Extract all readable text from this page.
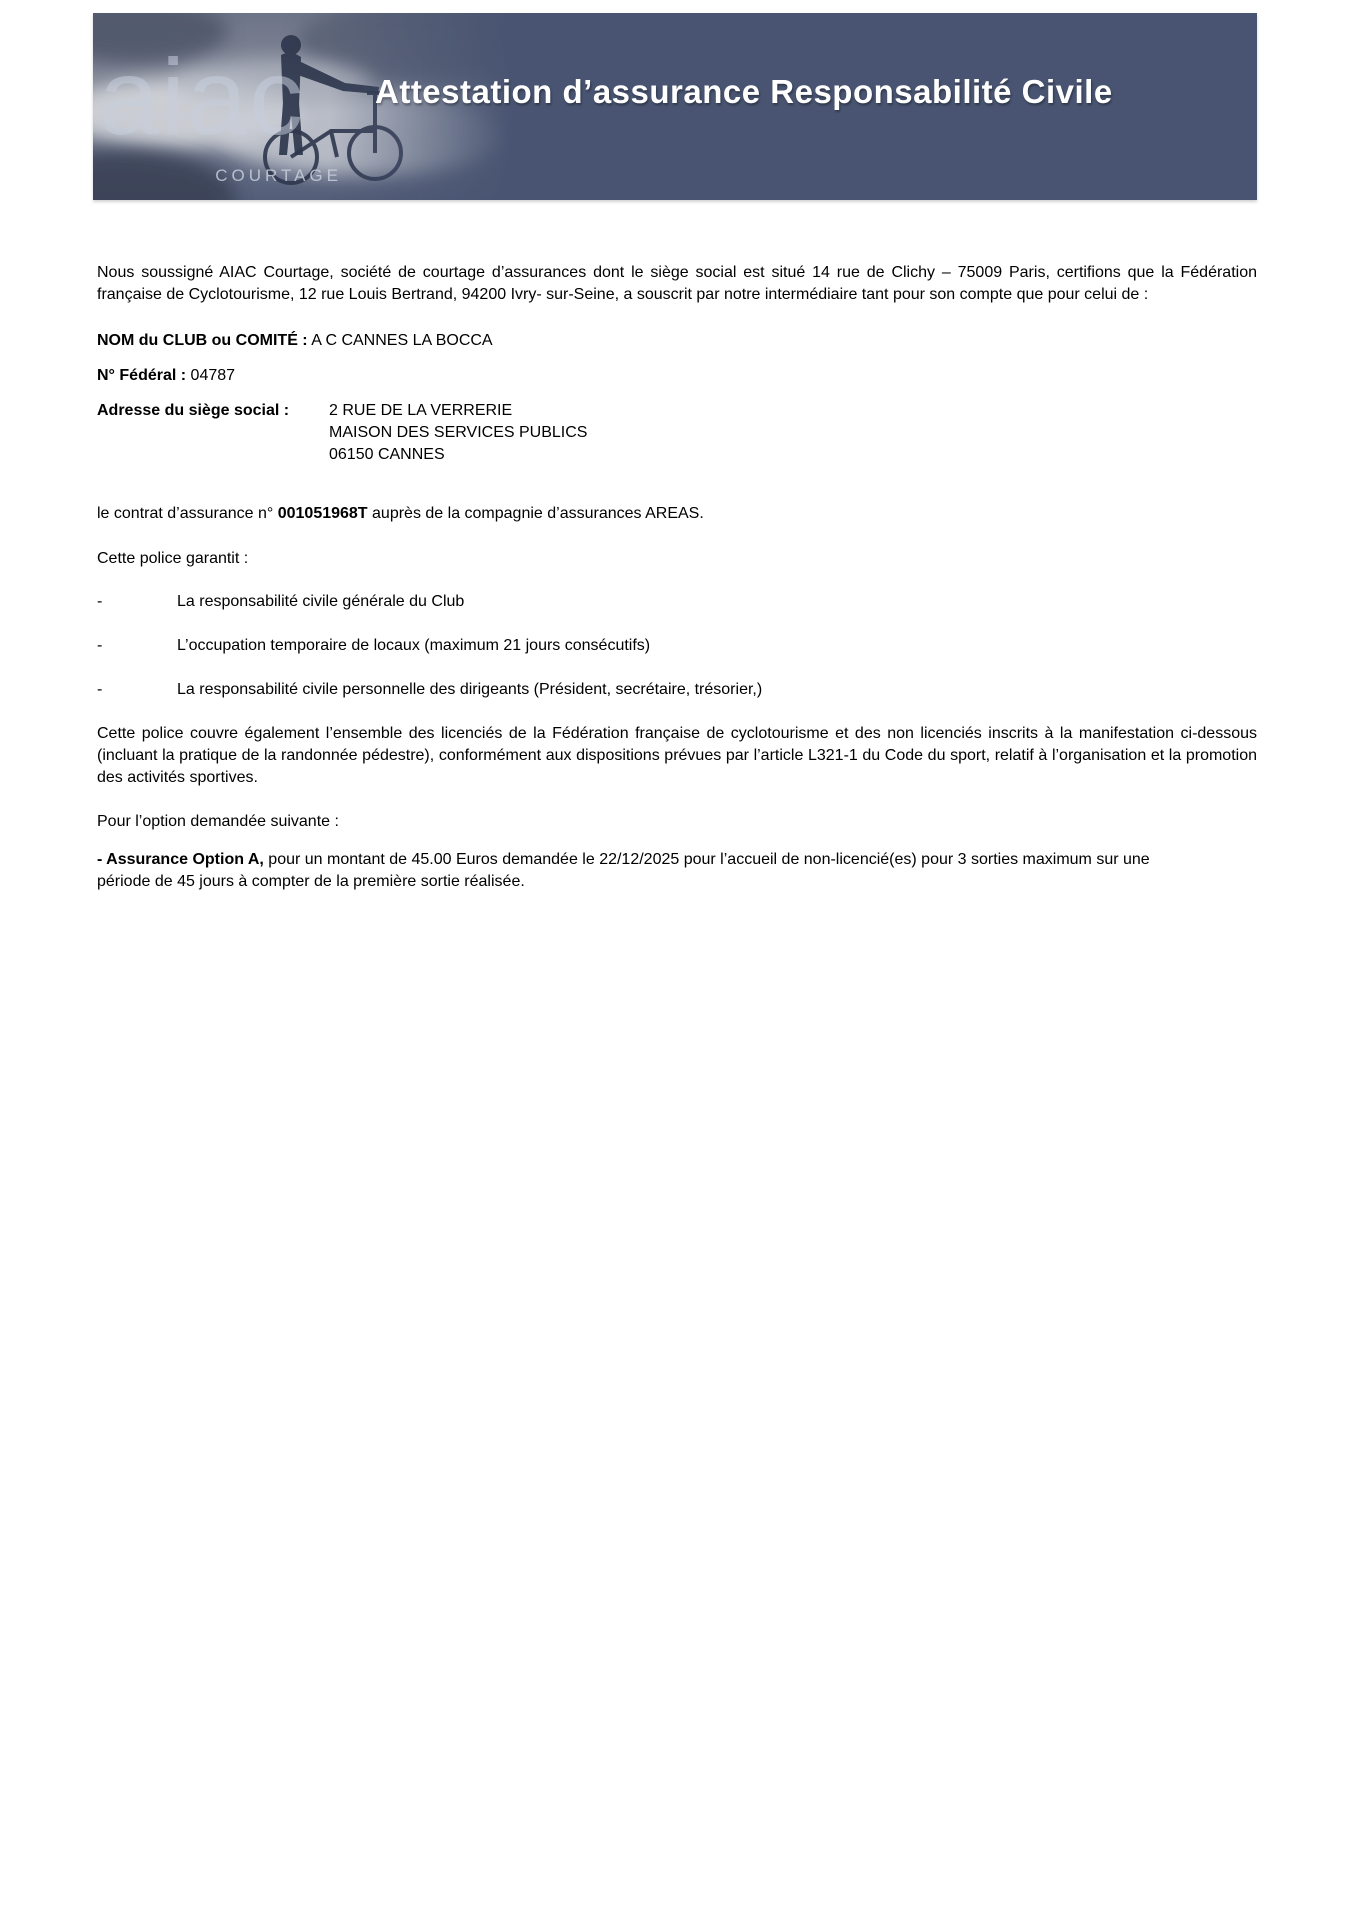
aiac
COURTAGE
Attestation d’assurance Responsabilité Civile

Nous soussigné AIAC Courtage, société de courtage d’assurances dont le siège social est situé 14 rue de Clichy – 75009 Paris, certifions que la Fédération française de Cyclotourisme, 12 rue Louis Bertrand, 94200 Ivry- sur-Seine, a souscrit par notre intermédiaire tant pour son compte que pour celui de :

NOM du CLUB ou COMITÉ : A C CANNES LA BOCCA
N° Fédéral : 04787
Adresse du siège social :	2 RUE DE LA VERRERIE
MAISON DES SERVICES PUBLICS
06150 CANNES
le contrat d’assurance n° 001051968T auprès de la compagnie d’assurances AREAS.
Cette police garantit :
-	La responsabilité civile générale du Club
-	L’occupation temporaire de locaux (maximum 21 jours consécutifs)
-	La responsabilité civile personnelle des dirigeants (Président, secrétaire, trésorier,)

Cette police couvre également l’ensemble des licenciés de la Fédération française de cyclotourisme et des non licenciés inscrits à la manifestation ci-dessous (incluant la pratique de la randonnée pédestre), conformément aux dispositions prévues par l’article L321-1 du Code du sport, relatif à l’organisation et la promotion des activités sportives.

Pour l’option demandée suivante :

- Assurance Option A, pour un montant de 45.00 Euros demandée le 22/12/2025 pour l’accueil de non-licencié(es) pour 3 sorties maximum sur une période de 45 jours à compter de la première sortie réalisée.
